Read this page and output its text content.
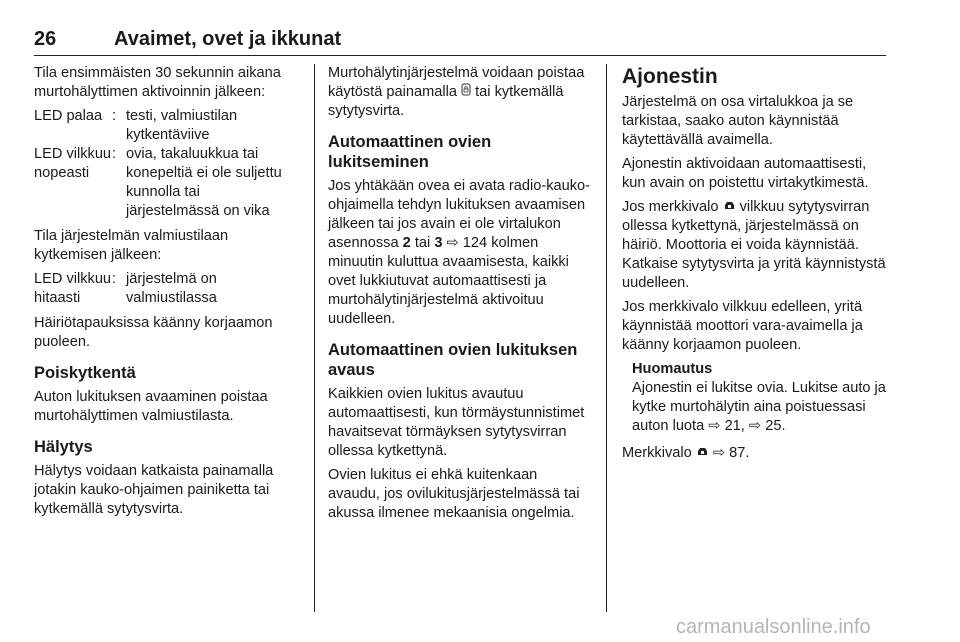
26	Avaimet, ovet ja ikkunat

Tila ensimmäisten 30 sekunnin aikana murtohälyttimen aktivoinnin jälkeen:

LED palaa : testi, valmiustilan kytkentäviive
LED vilkkuu nopeasti
: ovia, takaluukkua tai konepeltiä ei ole suljettu kunnolla tai järjestelmässä on vika

Tila järjestelmän valmiustilaan kytkemisen jälkeen:

LED vilkkuu hitaasti
: järjestelmä on valmiustilassa

Häiriötapauksissa käänny korjaamon puoleen.

Poiskytkentä

Auton lukituksen avaaminen poistaa murtohälyttimen valmiustilasta.

Hälytys

Hälytys voidaan katkaista painamalla jotakin kauko-ohjaimen painiketta tai kytkemällä sytytysvirta.

Murtohälytinjärjestelmä voidaan poistaa käytöstä painamalla  tai kytkemällä sytytysvirta.

Automaattinen ovien lukitseminen

Jos yhtäkään ovea ei avata radio-kauko-ohjaimella tehdyn lukituksen avaamisen jälkeen tai jos avain ei ole virtalukon asennossa 2 tai 3 ⇨ 124 kolmen minuutin kuluttua avaamisesta, kaikki ovet lukkiutuvat automaattisesti ja murtohälytinjärjestelmä aktivoituu uudelleen.

Automaattinen ovien lukituksen avaus

Kaikkien ovien lukitus avautuu automaattisesti, kun törmäystunnistimet havaitsevat törmäyksen sytytysvirran ollessa kytkettynä.

Ovien lukitus ei ehkä kuitenkaan avaudu, jos ovilukitusjärjestelmässä tai akussa ilmenee mekaanisia ongelmia.

Ajonestin

Järjestelmä on osa virtalukkoa ja se tarkistaa, saako auton käynnistää käytettävällä avaimella.

Ajonestin aktivoidaan automaattisesti, kun avain on poistettu virtakytkimestä.

Jos merkkivalo  vilkkuu sytytysvirran ollessa kytkettynä, järjestelmässä on häiriö. Moottoria ei voida käynnistää. Katkaise sytytysvirta ja yritä käynnistystä uudelleen.

Jos merkkivalo vilkkuu edelleen, yritä käynnistää moottori vara-avaimella ja käänny korjaamon puoleen.

Huomautus
Ajonestin ei lukitse ovia. Lukitse auto ja kytke murtohälytin aina poistuessasi auton luota ⇨ 21, ⇨ 25.

Merkkivalo  ⇨ 87.

carmanualsonline.info
